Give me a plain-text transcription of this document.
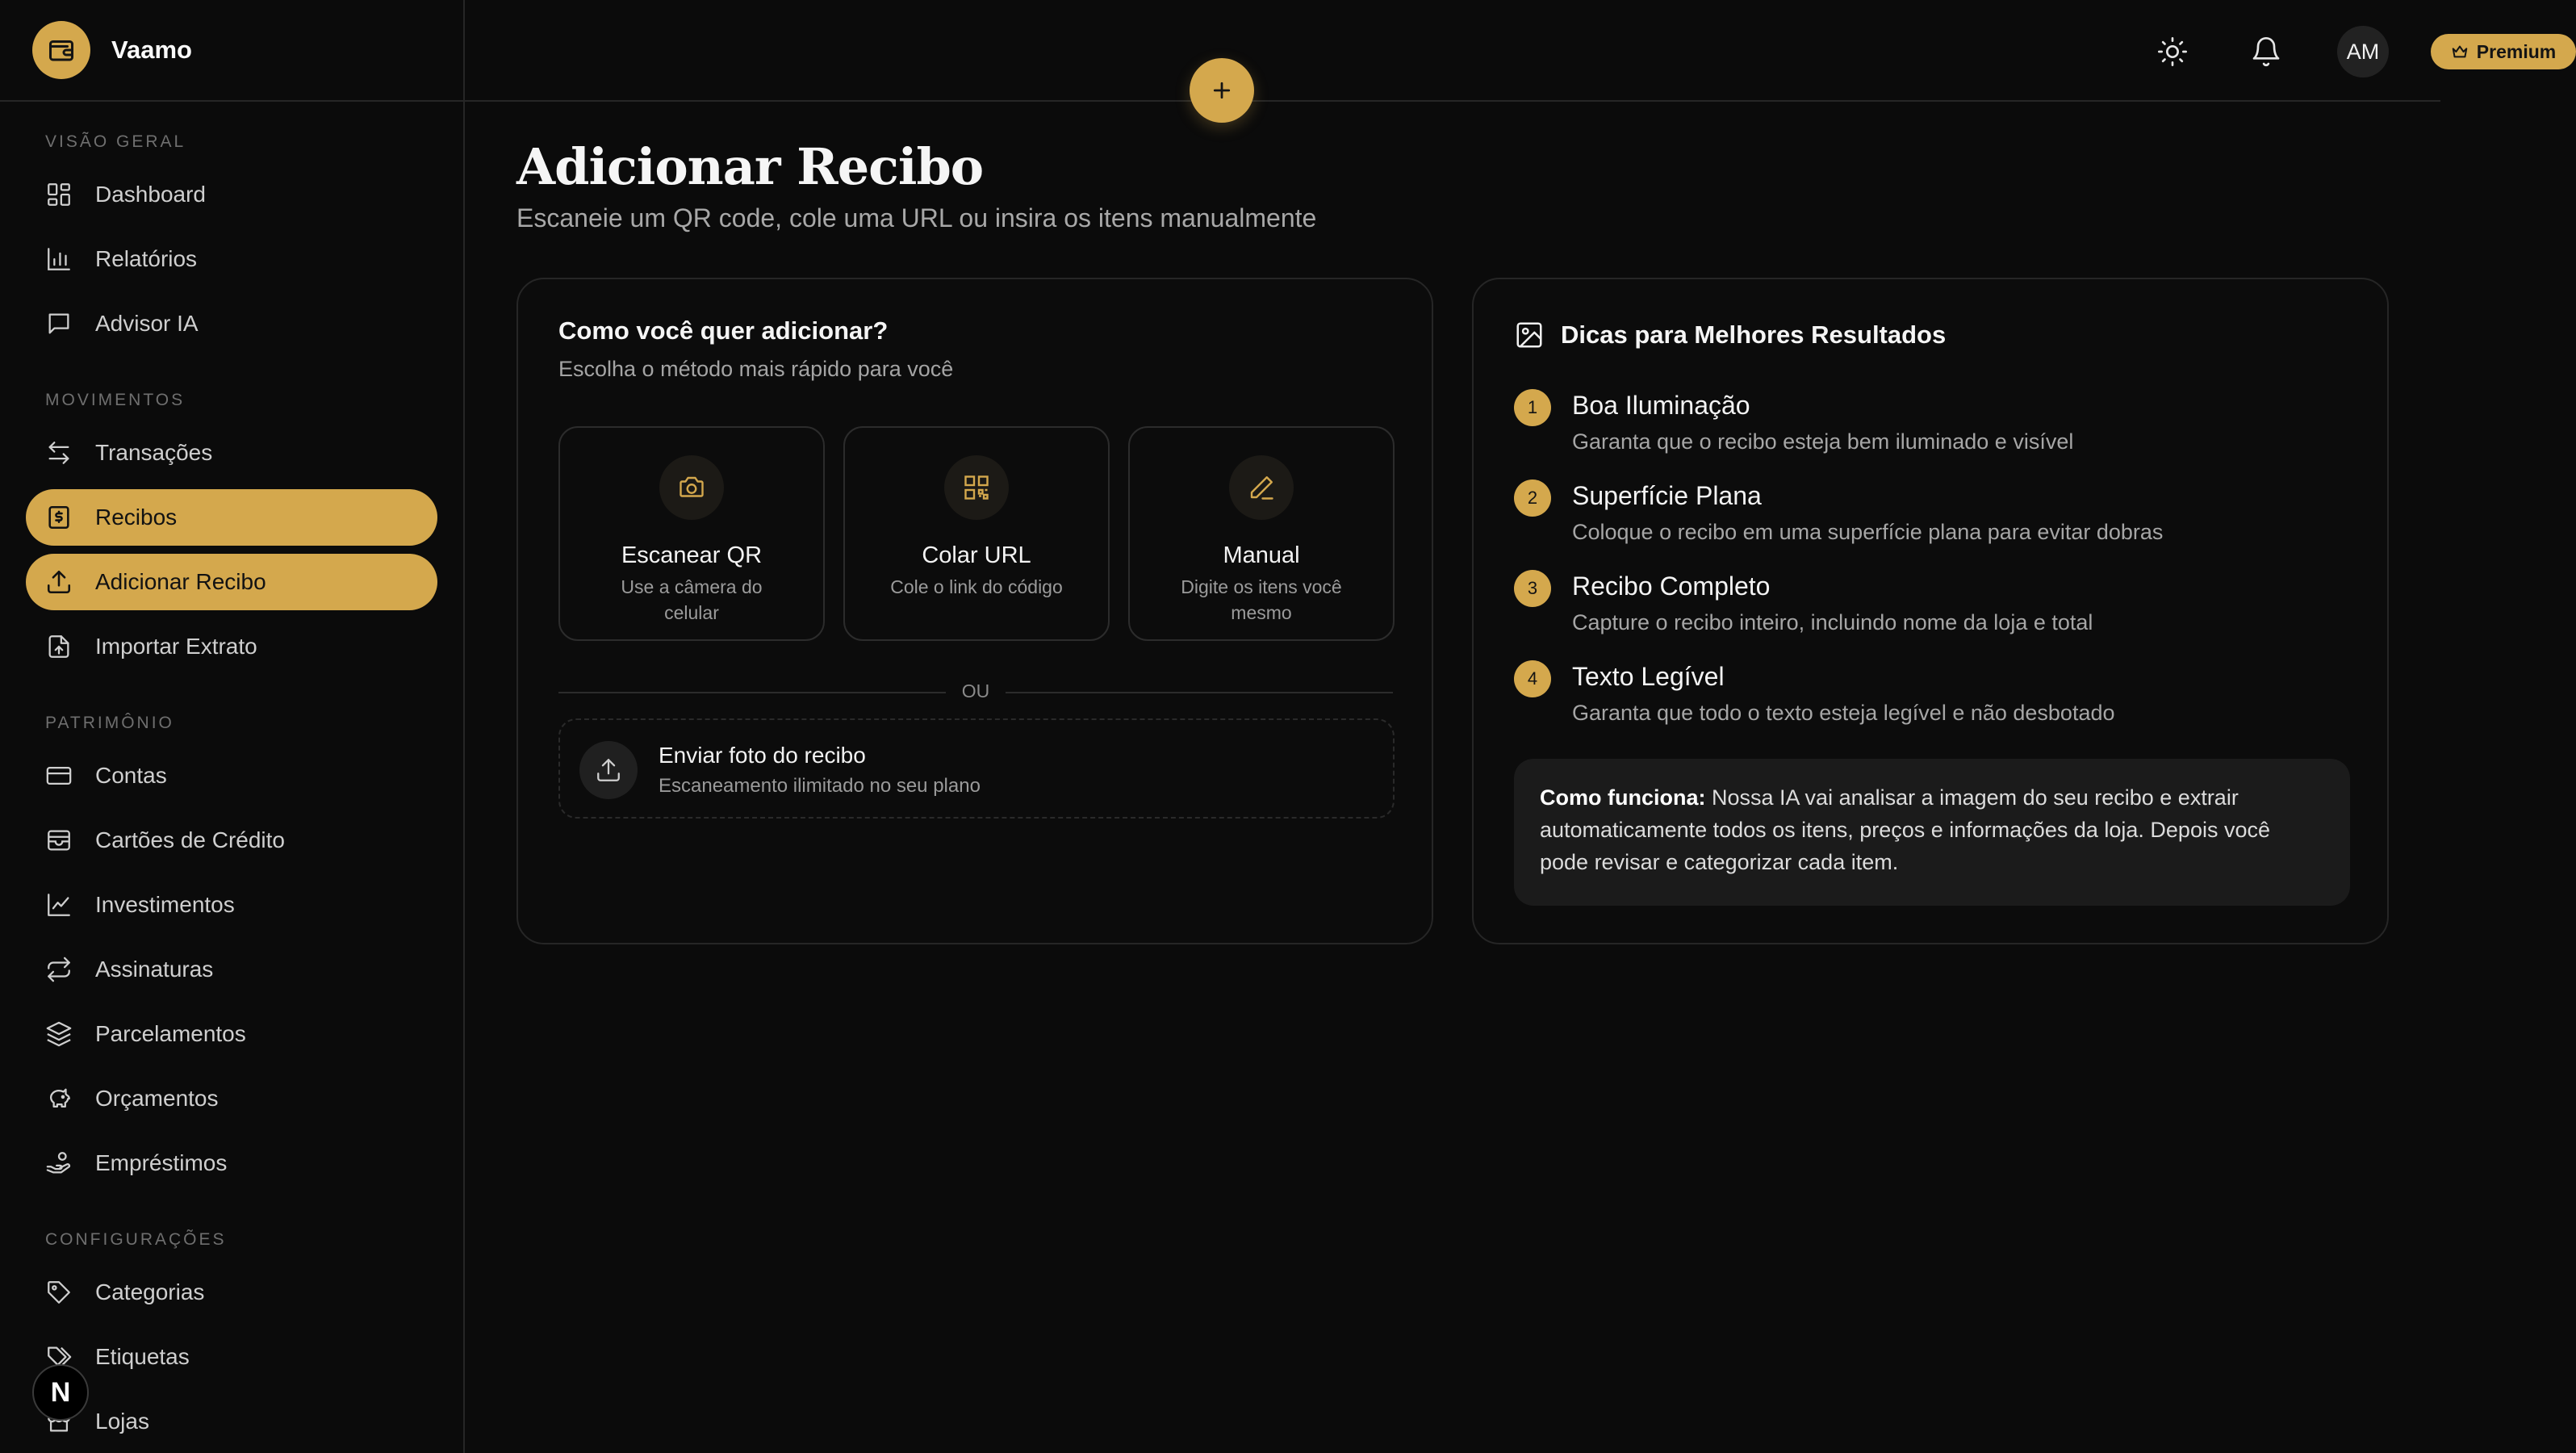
Vaamo
VISÃO GERAL
Dashboard
Relatórios
Advisor IA
MOVIMENTOS
Transações
Recibos
Adicionar Recibo
Importar Extrato
PATRIMÔNIO
Contas
Cartões de Crédito
Investimentos
Assinaturas
Parcelamentos
Orçamentos
Empréstimos
CONFIGURAÇÕES
Categorias
Etiquetas
Lojas
N
Premium
AM
Adicionar Recibo
Escaneie um QR code, cole uma URL ou insira os itens manualmente
Como você quer adicionar?
Escolha o método mais rápido para você
Escanear QR
Use a câmera do celular
Colar URL
Cole o link do código
Manual
Digite os itens você mesmo
OU
Enviar foto do recibo
Escaneamento ilimitado no seu plano
Dicas para Melhores Resultados
1	Boa Iluminação
Garanta que o recibo esteja bem iluminado e visível
2	Superfície Plana
Coloque o recibo em uma superfície plana para evitar dobras
3	Recibo Completo
Capture o recibo inteiro, incluindo nome da loja e total
4	Texto Legível
Garanta que todo o texto esteja legível e não desbotado
Como funciona: Nossa IA vai analisar a imagem do seu recibo e extrair automaticamente todos os itens, preços e informações da loja. Depois você pode revisar e categorizar cada item.
